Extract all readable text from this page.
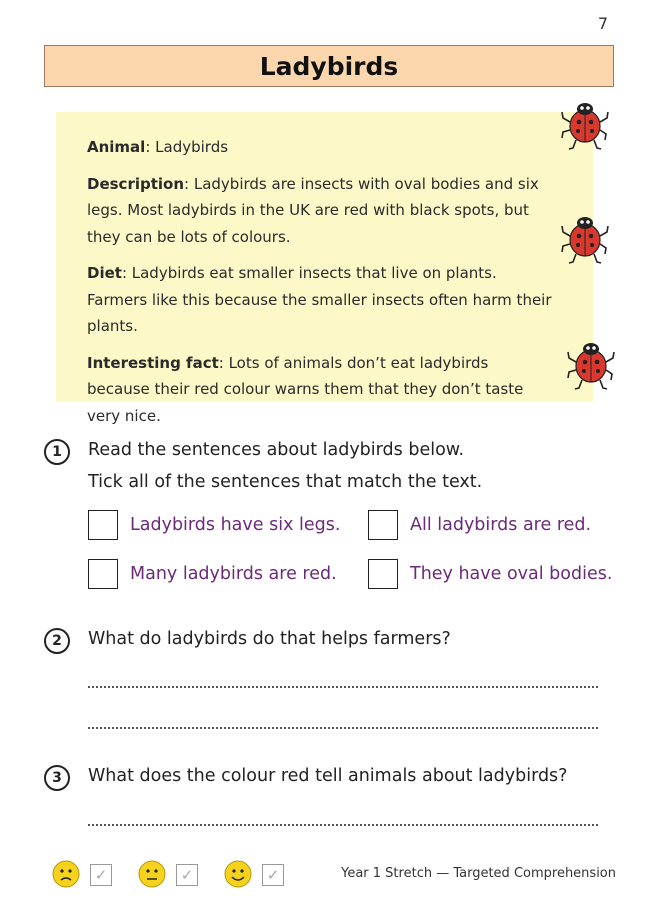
7
Ladybirds

Animal: Ladybirds

Description: Ladybirds are insects with oval bodies and six legs. Most ladybirds in the UK are red with black spots, but they can be lots of colours.

Diet: Ladybirds eat smaller insects that live on plants. Farmers like this because the smaller insects often harm their plants.

Interesting fact: Lots of animals don’t eat ladybirds because their red colour warns them that they don’t taste very nice.

1	Read the sentences about ladybirds below.
Tick all of the sentences that match the text.
Ladybirds have six legs.	All ladybirds are red.
Many ladybirds are red.	They have oval bodies.
2	What do ladybirds do that helps farmers?
3	What does the colour red tell animals about ladybirds?
✓	✓	✓	Year 1 Stretch — Targeted Comprehension
